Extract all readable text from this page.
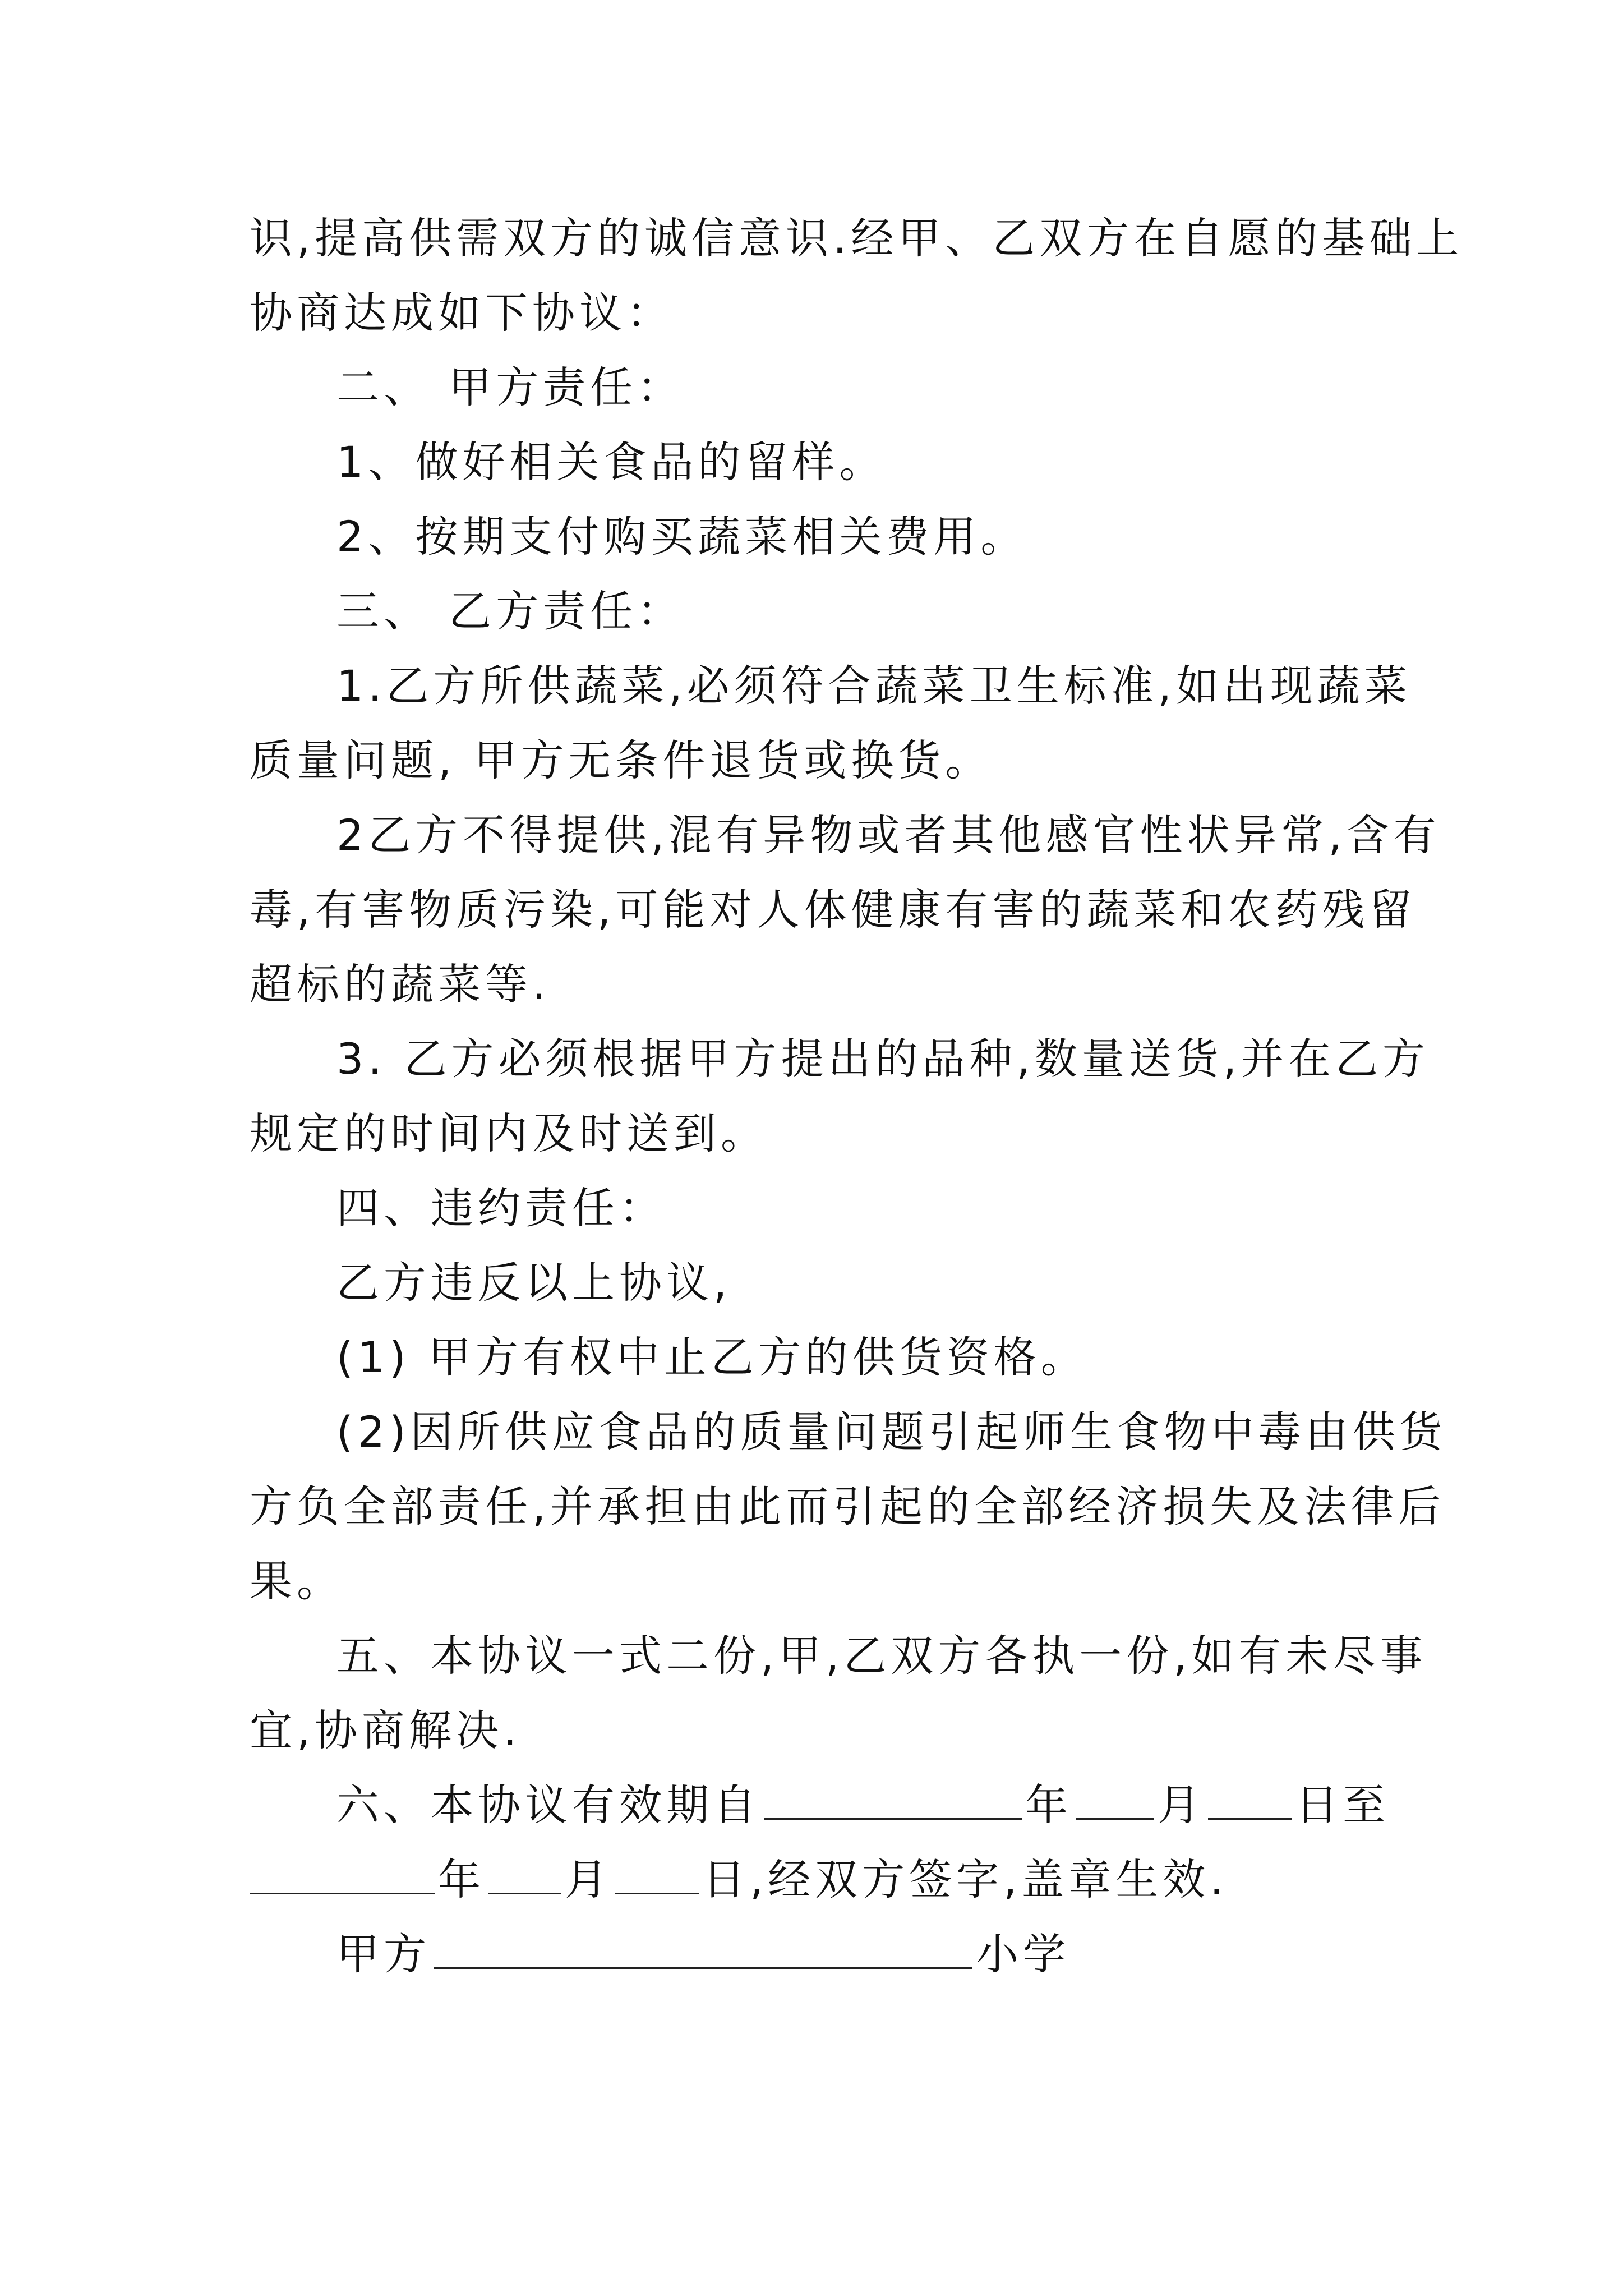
识,提高供需双方的诚信意识.经甲、乙双方在自愿的基础上
协商达成如下协议：
二、 甲方责任：
1、做好相关食品的留样。
2、按期支付购买蔬菜相关费用。
三、 乙方责任：
1.乙方所供蔬菜,必须符合蔬菜卫生标准,如出现蔬菜
质量问题, 甲方无条件退货或换货。
2乙方不得提供,混有异物或者其他感官性状异常,含有
毒,有害物质污染,可能对人体健康有害的蔬菜和农药残留
超标的蔬菜等.
3. 乙方必须根据甲方提出的品种,数量送货,并在乙方
规定的时间内及时送到。
四、违约责任：
乙方违反以上协议,
(1) 甲方有权中止乙方的供货资格。
(2)因所供应食品的质量问题引起师生食物中毒由供货
方负全部责任,并承担由此而引起的全部经济损失及法律后
果。
五、本协议一式二份,甲,乙双方各执一份,如有未尽事
宜,协商解决.
六、本协议有效期自	年 月 日至
年 月 日,经双方签字,盖章生效.
甲方	小学
